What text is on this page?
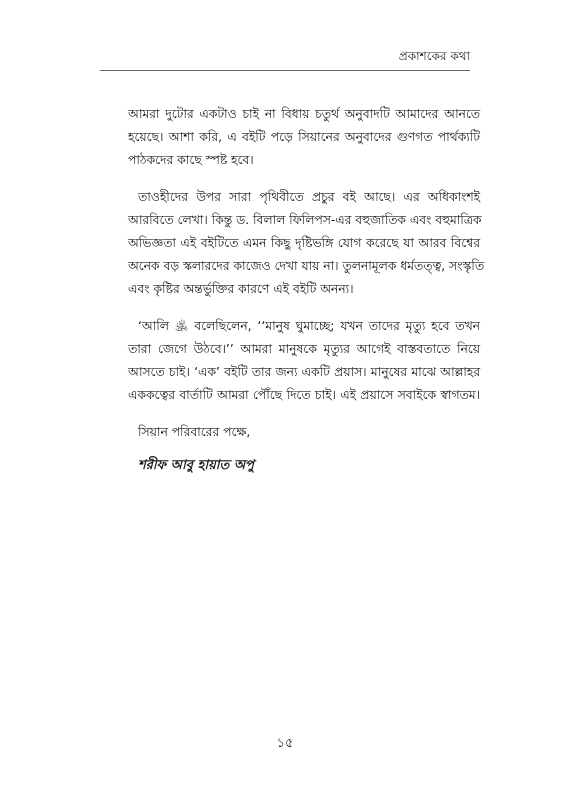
প্রকাশকের কথা

আমরা দুটোর একটাও চাই না বিধায় চতুর্থ অনুবাদটি আমাদের আনতে
হয়েছে। আশা করি, এ বইটি পড়ে সিয়ানের অনুবাদের গুণগত পার্থক্যটি
পাঠকদের কাছে স্পষ্ট হবে।

তাওহীদের উপর সারা পৃথিবীতে প্রচুর বই আছে। এর অধিকাংশই
আরবিতে লেখা। কিন্তু ড. বিলাল ফিলিপস-এর বহুজাতিক এবং বহুমাত্রিক
অভিজ্ঞতা এই বইটিতে এমন কিছু দৃষ্টিভঙ্গি যোগ করেছে যা আরব বিশ্বের
অনেক বড় স্কলারদের কাজেও দেখা যায় না। তুলনামূলক ধর্মতত্ত্ব, সংস্কৃতি
এবং কৃষ্টির অন্তর্ভুক্তির কারণে এই বইটি অনন্য।

‘আলি ﵁ বলেছিলেন, ‘‘মানুষ ঘুমাচ্ছে; যখন তাদের মৃত্যু হবে তখন
তারা জেগে উঠবে।’’ আমরা মানুষকে মৃত্যুর আগেই বাস্তবতাতে নিয়ে
আসতে চাই। ‘এক’ বইটি তার জন্য একটি প্রয়াস। মানুষের মাঝে আল্লাহর
এককত্বের বার্তাটি আমরা পৌঁছে দিতে চাই। এই প্রয়াসে সবাইকে স্বাগতম।

সিয়ান পরিবারের পক্ষে,

শরীফ আবু হায়াত অপু

১৫
